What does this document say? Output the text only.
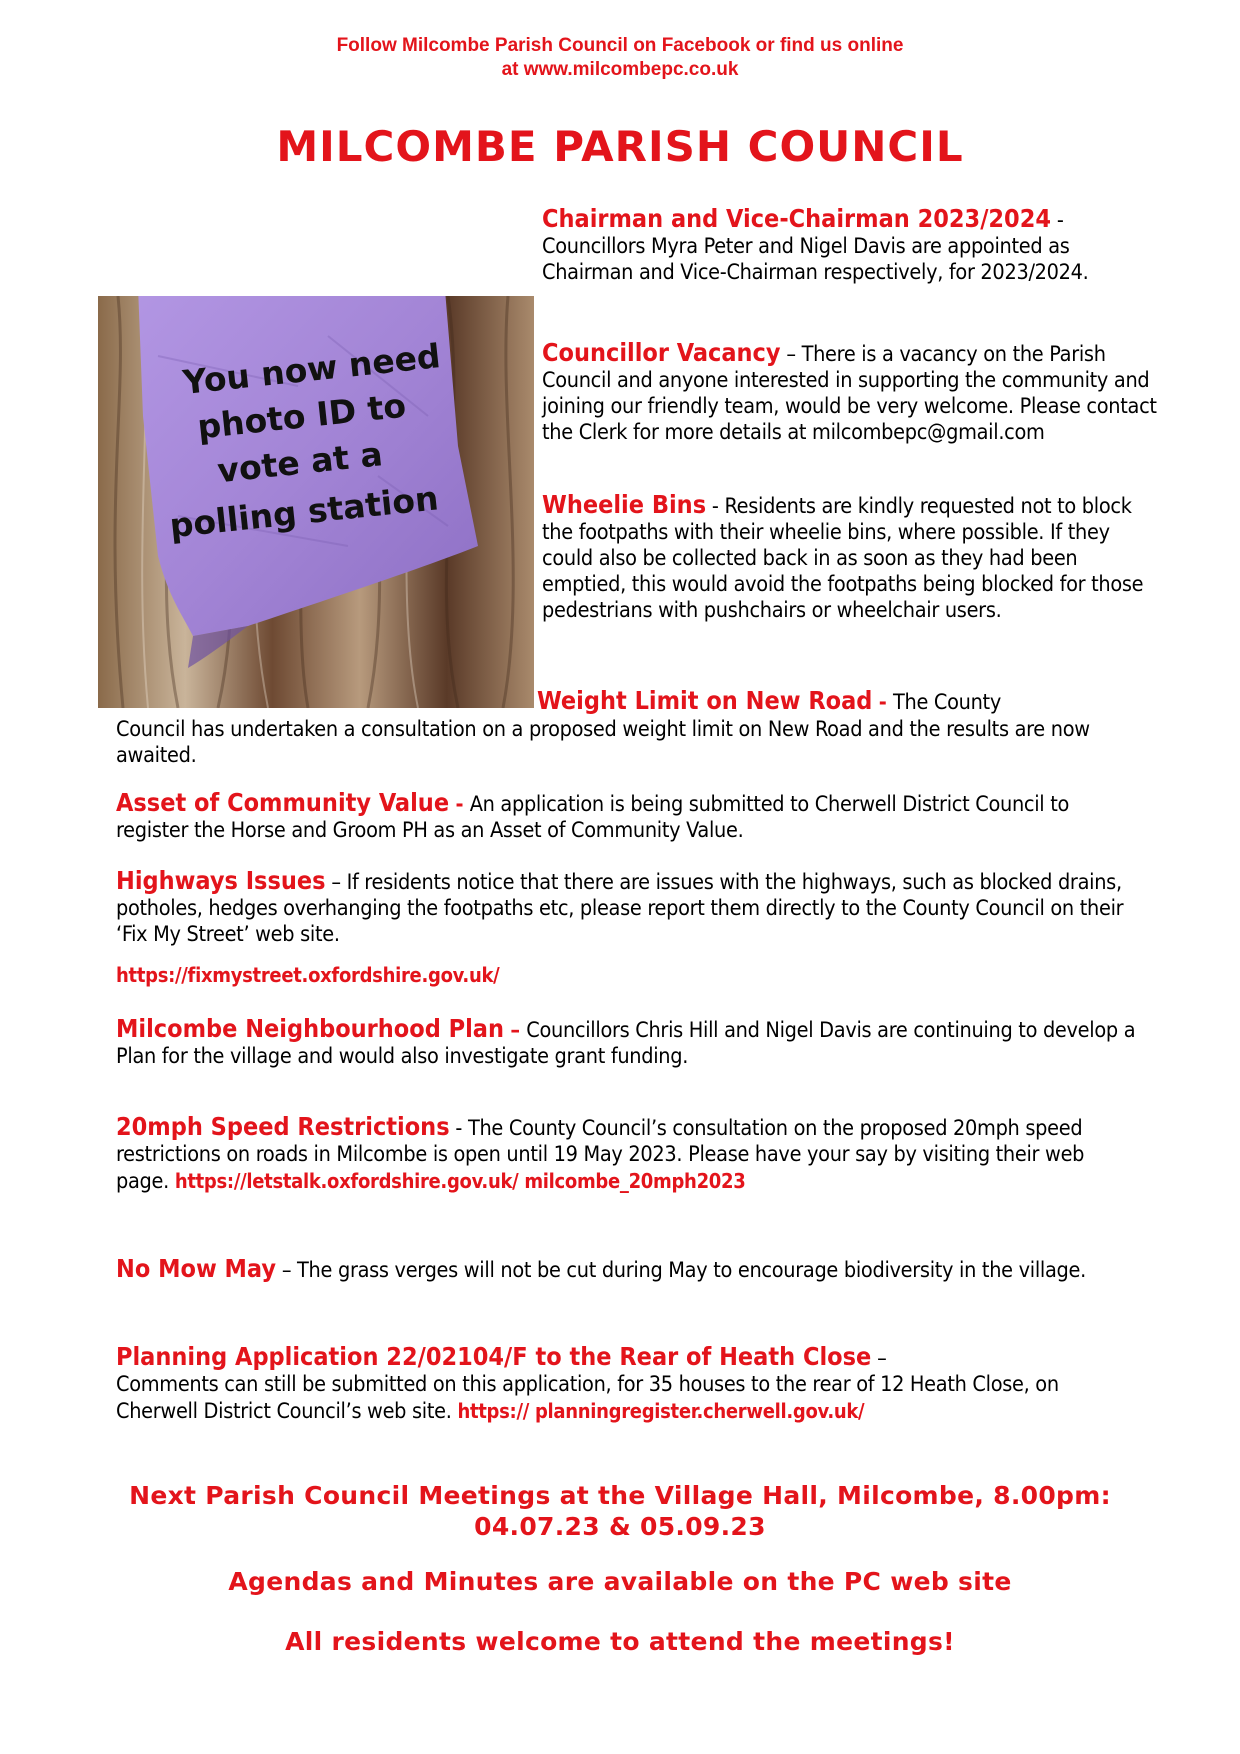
Follow Milcombe Parish Council on Facebook or find us online
at www.milcombepc.co.uk
MILCOMBE PARISH COUNCIL
You now need
photo ID to
vote at a
polling station
Chairman and Vice-Chairman 2023/2024 -
Councillors Myra Peter and Nigel Davis are appointed as Chairman and Vice-Chairman respectively, for 2023/2024.
Councillor Vacancy – There is a vacancy on the Parish Council and anyone interested in supporting the community and joining our friendly team, would be very welcome. Please contact the Clerk for more details at milcombepc@gmail.com
Wheelie Bins - Residents are kindly requested not to block the footpaths with their wheelie bins, where possible. If they could also be collected back in as soon as they had been emptied, this would avoid the footpaths being blocked for those pedestrians with pushchairs or wheelchair users.
Weight Limit on New Road - The County
Council has undertaken a consultation on a proposed weight limit on New Road and the results are now awaited.
Asset of Community Value - An application is being submitted to Cherwell District Council to register the Horse and Groom PH as an Asset of Community Value.
Highways Issues – If residents notice that there are issues with the highways, such as blocked drains, potholes, hedges overhanging the footpaths etc, please report them directly to the County Council on their ‘Fix My Street’ web site.
https://fixmystreet.oxfordshire.gov.uk/
Milcombe Neighbourhood Plan – Councillors Chris Hill and Nigel Davis are continuing to develop a Plan for the village and would also investigate grant funding.
20mph Speed Restrictions - The County Council’s consultation on the proposed 20mph speed restrictions on roads in Milcombe is open until 19 May 2023. Please have your say by visiting their web page. https://letstalk.oxfordshire.gov.uk/ milcombe_20mph2023
No Mow May – The grass verges will not be cut during May to encourage biodiversity in the village.
Planning Application 22/02104/F to the Rear of Heath Close –
Comments can still be submitted on this application, for 35 houses to the rear of 12 Heath Close, on Cherwell District Council’s web site. https:// planningregister.cherwell.gov.uk/
Next Parish Council Meetings at the Village Hall, Milcombe, 8.00pm:
04.07.23 & 05.09.23
Agendas and Minutes are available on the PC web site
All residents welcome to attend the meetings!
